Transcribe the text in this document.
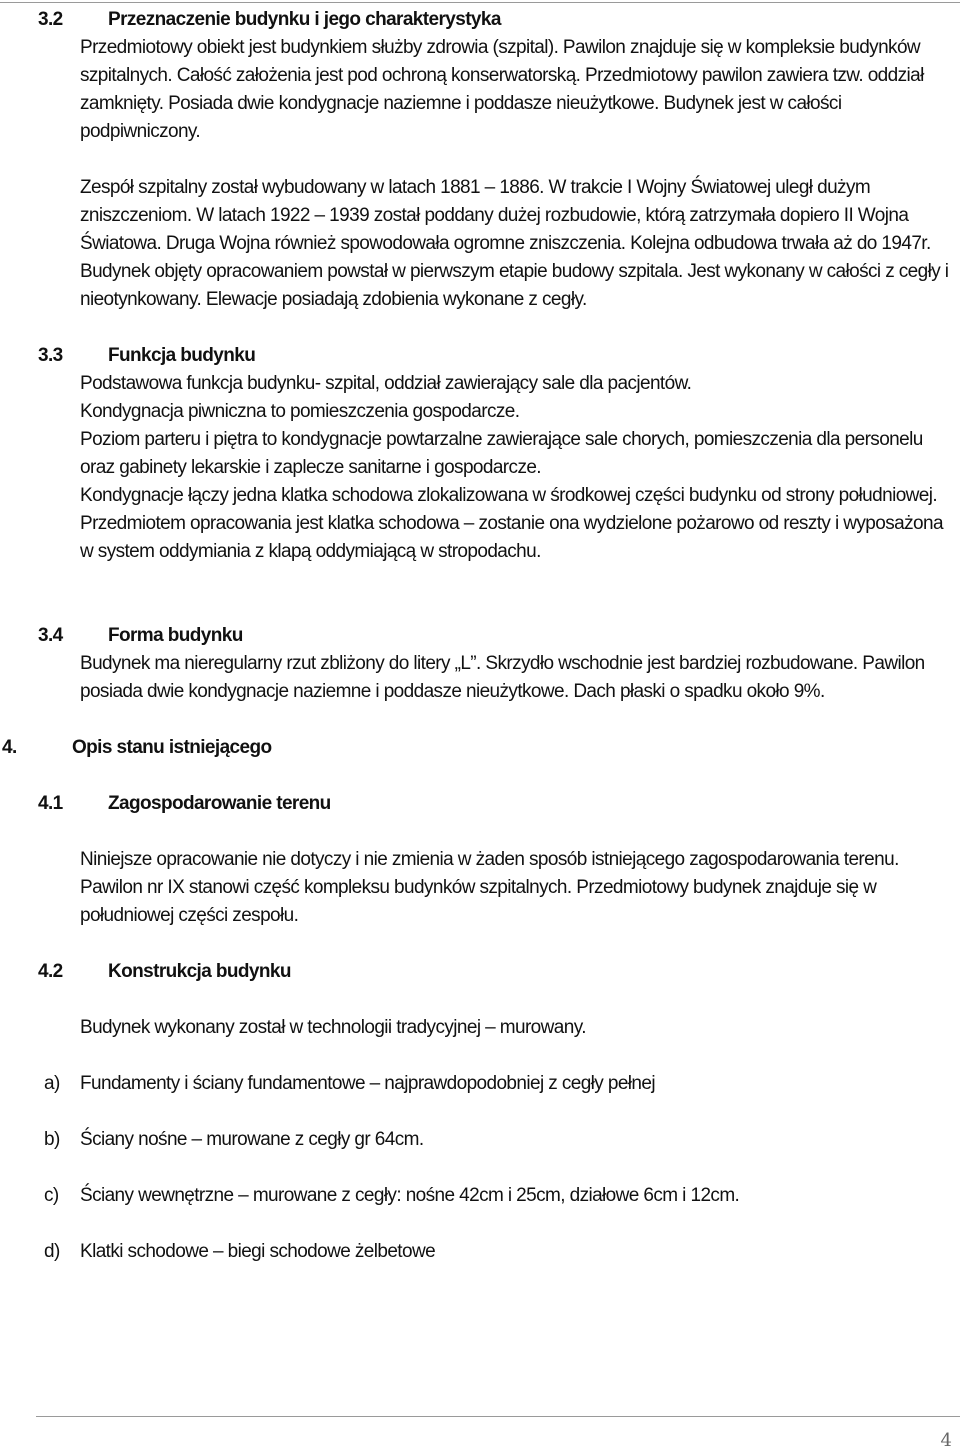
3.2	Przeznaczenie budynku i jego charakterystyka

Przedmiotowy obiekt jest budynkiem służby zdrowia (szpital). Pawilon znajduje się w kompleksie budynków szpitalnych. Całość założenia jest pod ochroną konserwatorską. Przedmiotowy pawilon zawiera tzw. oddział zamknięty. Posiada dwie kondygnacje naziemne i poddasze nieużytkowe. Budynek jest w całości podpiwniczony.

Zespół szpitalny został wybudowany w latach 1881 – 1886. W trakcie I Wojny Światowej uległ dużym zniszczeniom. W latach 1922 – 1939 został poddany dużej rozbudowie, którą zatrzymała dopiero II Wojna Światowa. Druga Wojna również spowodowała ogromne zniszczenia. Kolejna odbudowa trwała aż do 1947r.

Budynek objęty opracowaniem powstał w pierwszym etapie budowy szpitala. Jest wykonany w całości z cegły i nieotynkowany. Elewacje posiadają zdobienia wykonane z cegły.

3.3	Funkcja budynku

Podstawowa funkcja budynku- szpital, oddział zawierający sale dla pacjentów.

Kondygnacja piwniczna to pomieszczenia gospodarcze.

Poziom parteru i piętra to kondygnacje powtarzalne zawierające sale chorych, pomieszczenia dla personelu oraz gabinety lekarskie i zaplecze sanitarne i gospodarcze.

Kondygnacje łączy jedna klatka schodowa zlokalizowana w środkowej części budynku od strony południowej.

Przedmiotem opracowania jest klatka schodowa – zostanie ona wydzielone pożarowo od reszty i wyposażona w system oddymiania z klapą oddymiającą w stropodachu.

3.4	Forma budynku

Budynek ma nieregularny rzut zbliżony do litery „L”. Skrzydło wschodnie jest bardziej rozbudowane. Pawilon posiada dwie kondygnacje naziemne i poddasze nieużytkowe. Dach płaski o spadku około 9%.

4.	Opis stanu istniejącego
4.1	Zagospodarowanie terenu

Niniejsze opracowanie nie dotyczy i nie zmienia w żaden sposób istniejącego zagospodarowania terenu.

Pawilon nr IX stanowi część kompleksu budynków szpitalnych. Przedmiotowy budynek znajduje się w południowej części zespołu.

4.2	Konstrukcja budynku

Budynek wykonany został w technologii tradycyjnej – murowany.

a)	Fundamenty i ściany fundamentowe – najprawdopodobniej z cegły pełnej
b)	Ściany nośne – murowane z cegły gr 64cm.
c)	Ściany wewnętrzne – murowane z cegły: nośne 42cm i 25cm, działowe 6cm i 12cm.
d)	Klatki schodowe – biegi schodowe żelbetowe
4
